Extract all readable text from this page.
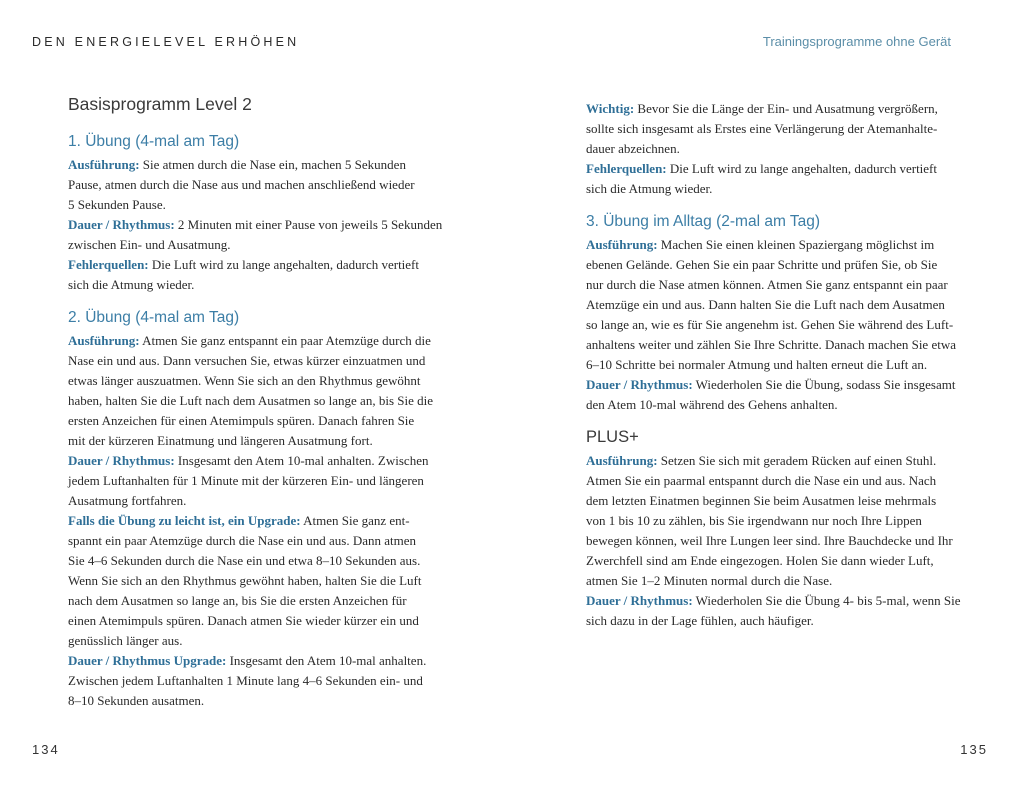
DEN ENERGIELEVEL ERHÖHEN	Trainingsprogramme ohne Gerät
Basisprogramm Level 2
1. Übung (4-mal am Tag)
Ausführung: Sie atmen durch die Nase ein, machen 5 Sekunden
Pause, atmen durch die Nase aus und machen anschließend wieder
5 Sekunden Pause.
Dauer / Rhythmus: 2 Minuten mit einer Pause von jeweils 5 Sekunden
zwischen Ein- und Ausatmung.
Fehlerquellen: Die Luft wird zu lange angehalten, dadurch vertieft
sich die Atmung wieder.
2. Übung (4-mal am Tag)
Ausführung: Atmen Sie ganz entspannt ein paar Atemzüge durch die
Nase ein und aus. Dann versuchen Sie, etwas kürzer einzuatmen und
etwas länger auszuatmen. Wenn Sie sich an den Rhythmus gewöhnt
haben, halten Sie die Luft nach dem Ausatmen so lange an, bis Sie die
ersten Anzeichen für einen Atemimpuls spüren. Danach fahren Sie
mit der kürzeren Einatmung und längeren Ausatmung fort.
Dauer / Rhythmus: Insgesamt den Atem 10-mal anhalten. Zwischen
jedem Luftanhalten für 1 Minute mit der kürzeren Ein- und längeren
Ausatmung fortfahren.
Falls die Übung zu leicht ist, ein Upgrade: Atmen Sie ganz ent-
spannt ein paar Atemzüge durch die Nase ein und aus. Dann atmen
Sie 4–6 Sekunden durch die Nase ein und etwa 8–10 Sekunden aus.
Wenn Sie sich an den Rhythmus gewöhnt haben, halten Sie die Luft
nach dem Ausatmen so lange an, bis Sie die ersten Anzeichen für
einen Atemimpuls spüren. Danach atmen Sie wieder kürzer ein und
genüsslich länger aus.
Dauer / Rhythmus Upgrade: Insgesamt den Atem 10-mal anhalten.
Zwischen jedem Luftanhalten 1 Minute lang 4–6 Sekunden ein- und
8–10 Sekunden ausatmen.
Wichtig: Bevor Sie die Länge der Ein- und Ausatmung vergrößern,
sollte sich insgesamt als Erstes eine Verlängerung der Atemanhalte-
dauer abzeichnen.
Fehlerquellen: Die Luft wird zu lange angehalten, dadurch vertieft
sich die Atmung wieder.
3. Übung im Alltag (2-mal am Tag)
Ausführung: Machen Sie einen kleinen Spaziergang möglichst im
ebenen Gelände. Gehen Sie ein paar Schritte und prüfen Sie, ob Sie
nur durch die Nase atmen können. Atmen Sie ganz entspannt ein paar
Atemzüge ein und aus. Dann halten Sie die Luft nach dem Ausatmen
so lange an, wie es für Sie angenehm ist. Gehen Sie während des Luft-
anhaltens weiter und zählen Sie Ihre Schritte. Danach machen Sie etwa
6–10 Schritte bei normaler Atmung und halten erneut die Luft an.
Dauer / Rhythmus: Wiederholen Sie die Übung, sodass Sie insgesamt
den Atem 10-mal während des Gehens anhalten.
PLUS+
Ausführung: Setzen Sie sich mit geradem Rücken auf einen Stuhl.
Atmen Sie ein paarmal entspannt durch die Nase ein und aus. Nach
dem letzten Einatmen beginnen Sie beim Ausatmen leise mehrmals
von 1 bis 10 zu zählen, bis Sie irgendwann nur noch Ihre Lippen
bewegen können, weil Ihre Lungen leer sind. Ihre Bauchdecke und Ihr
Zwerchfell sind am Ende eingezogen. Holen Sie dann wieder Luft,
atmen Sie 1–2 Minuten normal durch die Nase.
Dauer / Rhythmus: Wiederholen Sie die Übung 4- bis 5-mal, wenn Sie
sich dazu in der Lage fühlen, auch häufiger.
134	135
